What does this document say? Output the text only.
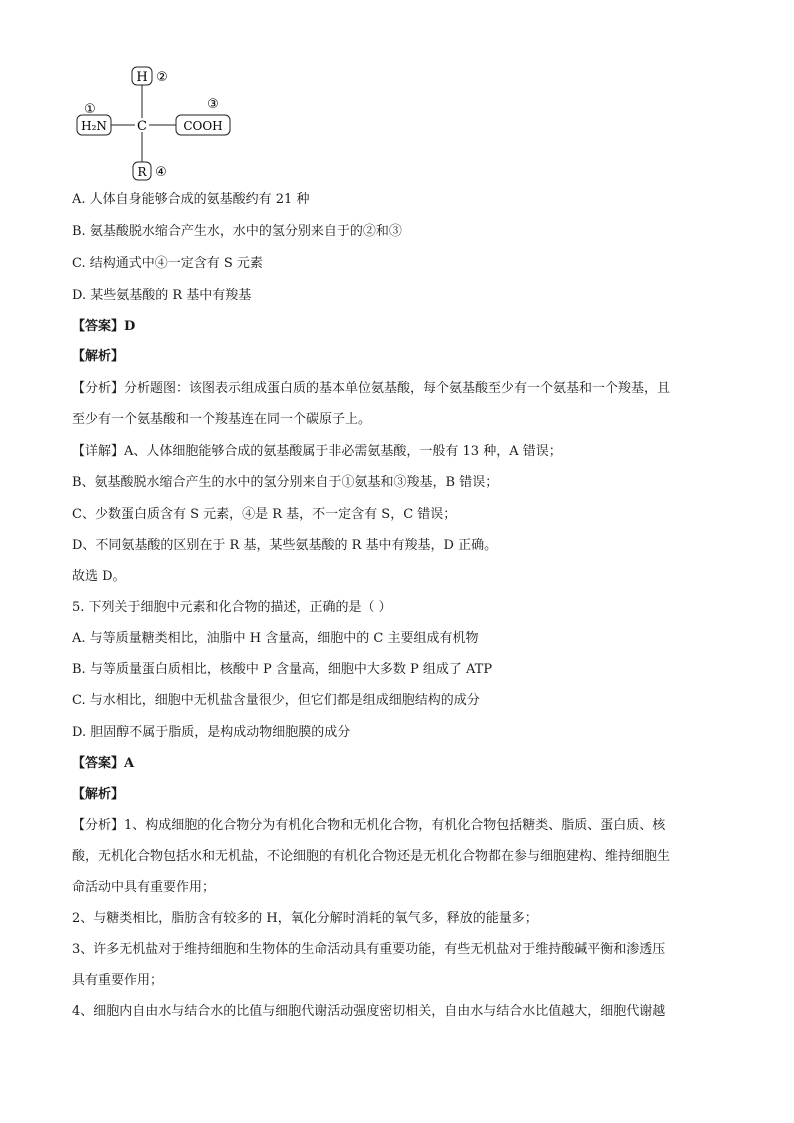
H ②
①
H₂N C
③
COOH
R ④
A. 人体自身能够合成的氨基酸约有 21 种
B. 氨基酸脱水缩合产生水，水中的氢分别来自于的②和③
C. 结构通式中④一定含有 S 元素
D. 某些氨基酸的 R 基中有羧基
【答案】D
【解析】
【分析】分析题图：该图表示组成蛋白质的基本单位氨基酸，每个氨基酸至少有一个氨基和一个羧基，且
至少有一个氨基酸和一个羧基连在同一个碳原子上。
【详解】A、人体细胞能够合成的氨基酸属于非必需氨基酸，一般有 13 种，A 错误；
B、氨基酸脱水缩合产生的水中的氢分别来自于①氨基和③羧基，B 错误；
C、少数蛋白质含有 S 元素，④是 R 基，不一定含有 S，C 错误；
D、不同氨基酸的区别在于 R 基，某些氨基酸的 R 基中有羧基，D 正确。
故选 D。
5. 下列关于细胞中元素和化合物的描述，正确的是（ ）
A. 与等质量糖类相比，油脂中 H 含量高，细胞中的 C 主要组成有机物
B. 与等质量蛋白质相比，核酸中 P 含量高，细胞中大多数 P 组成了 ATP
C. 与水相比，细胞中无机盐含量很少，但它们都是组成细胞结构的成分
D. 胆固醇不属于脂质，是构成动物细胞膜的成分
【答案】A
【解析】
【分析】1、构成细胞的化合物分为有机化合物和无机化合物，有机化合物包括糖类、脂质、蛋白质、核
酸，无机化合物包括水和无机盐，不论细胞的有机化合物还是无机化合物都在参与细胞建构、维持细胞生
命活动中具有重要作用；
2、与糖类相比，脂肪含有较多的 H，氧化分解时消耗的氧气多，释放的能量多；
3、许多无机盐对于维持细胞和生物体的生命活动具有重要功能，有些无机盐对于维持酸碱平衡和渗透压
具有重要作用；
4、细胞内自由水与结合水的比值与细胞代谢活动强度密切相关，自由水与结合水比值越大，细胞代谢越
